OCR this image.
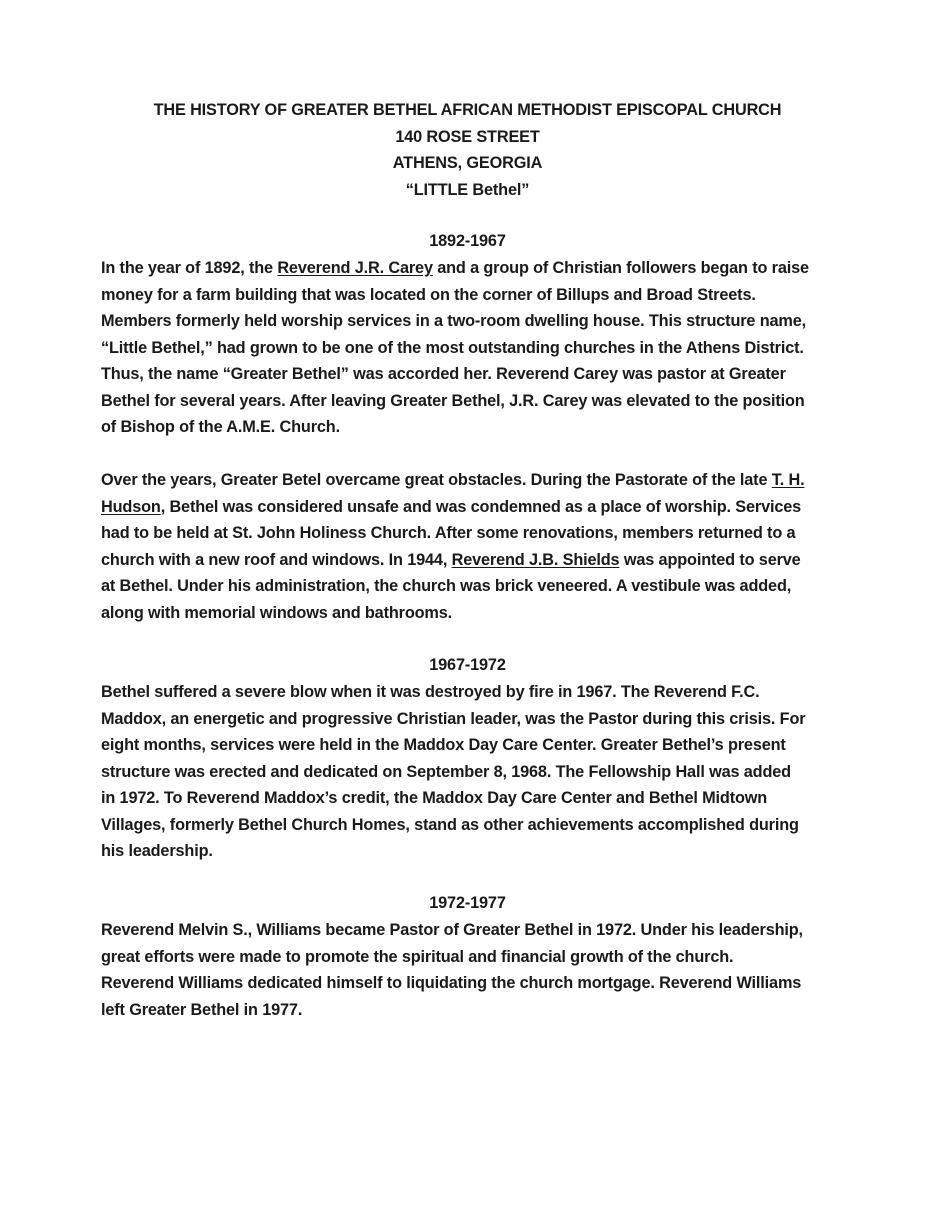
THE HISTORY OF GREATER BETHEL AFRICAN METHODIST EPISCOPAL CHURCH
140 ROSE STREET
ATHENS, GEORGIA
“LITTLE Bethel”
1892-1967
In the year of 1892, the Reverend J.R. Carey and a group of Christian followers began to raise
money for a farm building that was located on the corner of Billups and Broad Streets.
Members formerly held worship services in a two-room dwelling house. This structure name,
“Little Bethel,” had grown to be one of the most outstanding churches in the Athens District.
Thus, the name “Greater Bethel” was accorded her. Reverend Carey was pastor at Greater
Bethel for several years. After leaving Greater Bethel, J.R. Carey was elevated to the position
of Bishop of the A.M.E. Church.
Over the years, Greater Betel overcame great obstacles. During the Pastorate of the late T. H.
Hudson, Bethel was considered unsafe and was condemned as a place of worship. Services
had to be held at St. John Holiness Church. After some renovations, members returned to a
church with a new roof and windows. In 1944, Reverend J.B. Shields was appointed to serve
at Bethel. Under his administration, the church was brick veneered. A vestibule was added,
along with memorial windows and bathrooms.
1967-1972
Bethel suffered a severe blow when it was destroyed by fire in 1967. The Reverend F.C.
Maddox, an energetic and progressive Christian leader, was the Pastor during this crisis. For
eight months, services were held in the Maddox Day Care Center. Greater Bethel’s present
structure was erected and dedicated on September 8, 1968. The Fellowship Hall was added
in 1972. To Reverend Maddox’s credit, the Maddox Day Care Center and Bethel Midtown
Villages, formerly Bethel Church Homes, stand as other achievements accomplished during
his leadership.
1972-1977
Reverend Melvin S., Williams became Pastor of Greater Bethel in 1972. Under his leadership,
great efforts were made to promote the spiritual and financial growth of the church.
Reverend Williams dedicated himself to liquidating the church mortgage. Reverend Williams
left Greater Bethel in 1977.
